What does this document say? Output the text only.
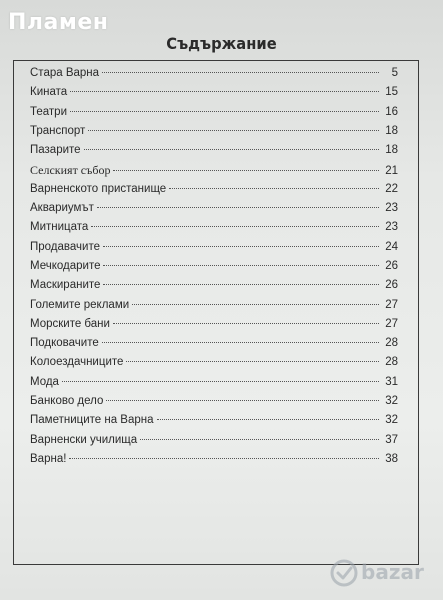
Пламен
Съдържание
Стара Варна	5
Кината	15
Театри	16
Транспорт	18
Пазарите	18
Селският събор	21
Варненското пристанище	22
Аквариумът	23
Митницата	23
Продавачите	24
Мечкодарите	26
Маскираните	26
Големите реклами	27
Морските бани	27
Подковачите	28
Колоездачниците	28
Мода	31
Банково дело	32
Паметниците на Варна	32
Варненски училища	37
Варна!	38
bazar
